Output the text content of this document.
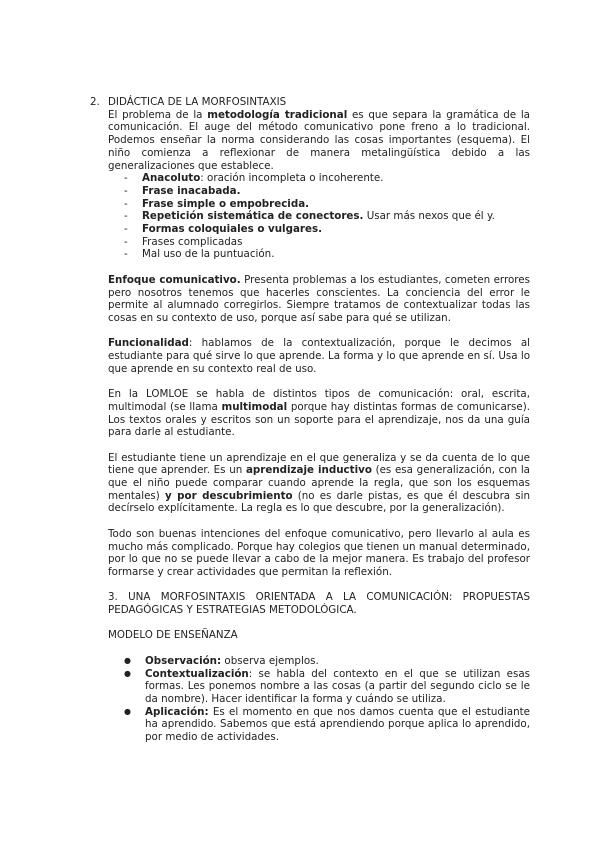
2. DIDÁCTICA DE LA MORFOSINTAXIS

El problema de la metodología tradicional es que separa la gramática de la comunicación. El auge del método comunicativo pone freno a lo tradicional. Podemos enseñar la norma considerando las cosas importantes (esquema). El niño comienza a reflexionar de manera metalingüística debido a las generalizaciones que establece.

- Anacoluto: oración incompleta o incoherente.
- Frase inacabada.
- Frase simple o empobrecida.
- Repetición sistemática de conectores. Usar más nexos que él y.
- Formas coloquiales o vulgares.
- Frases complicadas
- Mal uso de la puntuación.

Enfoque comunicativo. Presenta problemas a los estudiantes, cometen errores pero nosotros tenemos que hacerles conscientes. La conciencia del error le permite al alumnado corregirlos. Siempre tratamos de contextualizar todas las cosas en su contexto de uso, porque así sabe para qué se utilizan.

Funcionalidad: hablamos de la contextualización, porque le decimos al estudiante para qué sirve lo que aprende. La forma y lo que aprende en sí. Usa lo que aprende en su contexto real de uso.

En la LOMLOE se habla de distintos tipos de comunicación: oral, escrita, multimodal (se llama multimodal porque hay distintas formas de comunicarse). Los textos orales y escritos son un soporte para el aprendizaje, nos da una guía para darle al estudiante.

El estudiante tiene un aprendizaje en el que generaliza y se da cuenta de lo que tiene que aprender. Es un aprendizaje inductivo (es esa generalización, con la que el niño puede comparar cuando aprende la regla, que son los esquemas mentales) y por descubrimiento (no es darle pistas, es que él descubra sin decírselo explícitamente. La regla es lo que descubre, por la generalización).

Todo son buenas intenciones del enfoque comunicativo, pero llevarlo al aula es mucho más complicado. Porque hay colegios que tienen un manual determinado, por lo que no se puede llevar a cabo de la mejor manera. Es trabajo del profesor formarse y crear actividades que permitan la reflexión.

3. UNA MORFOSINTAXIS ORIENTADA A LA COMUNICACIÓN: PROPUESTAS PEDAGÓGICAS Y ESTRATEGIAS METODOLÓGICA.

MODELO DE ENSEÑANZA

● Observación: observa ejemplos.
● Contextualización: se habla del contexto en el que se utilizan esas formas. Les ponemos nombre a las cosas (a partir del segundo ciclo se le da nombre). Hacer identificar la forma y cuándo se utiliza.
● Aplicación: Es el momento en que nos damos cuenta que el estudiante ha aprendido. Sabemos que está aprendiendo porque aplica lo aprendido, por medio de actividades.
